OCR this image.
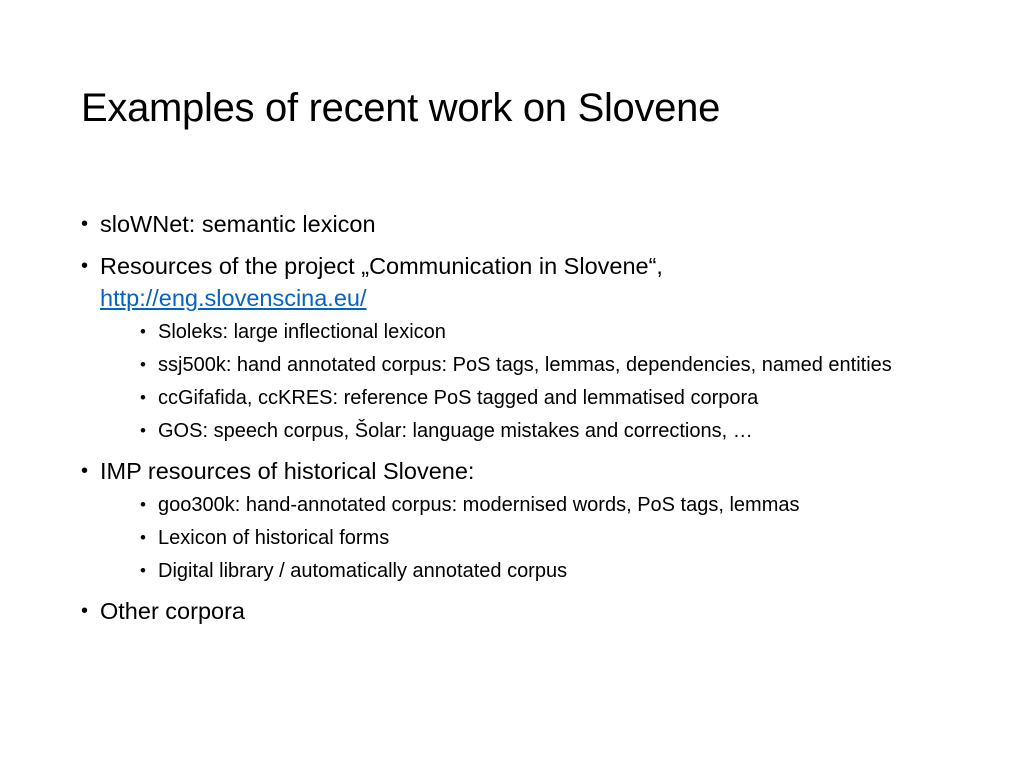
Examples of recent work on Slovene
• sloWNet: semantic lexicon
• Resources of the project „Communication in Slovene“,
http://eng.slovenscina.eu/
• Sloleks: large inflectional lexicon
• ssj500k: hand annotated corpus: PoS tags, lemmas, dependencies, named entities
• ccGifafida, ccKRES: reference PoS tagged and lemmatised corpora
• GOS: speech corpus, Šolar: language mistakes and corrections, …
• IMP resources of historical Slovene:
• goo300k: hand-annotated corpus: modernised words, PoS tags, lemmas
• Lexicon of historical forms
• Digital library / automatically annotated corpus
• Other corpora
